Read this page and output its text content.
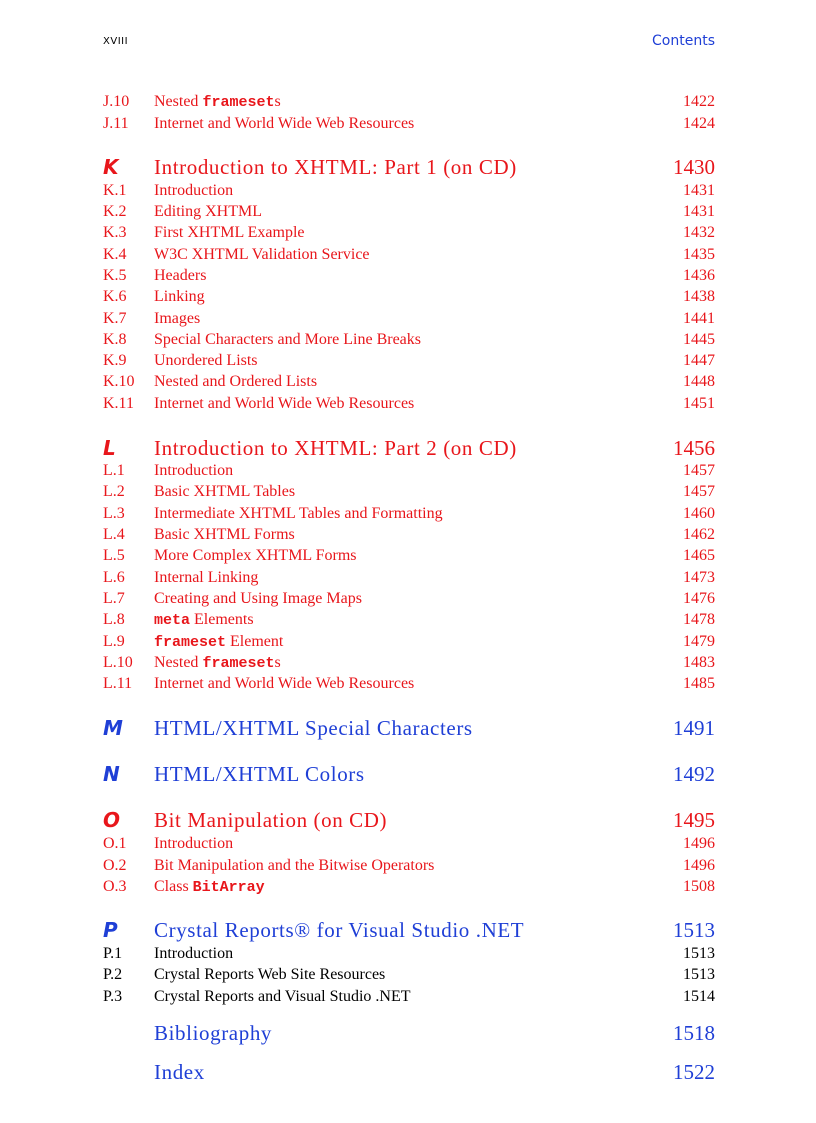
XVIII	Contents
J.10 Nested framesets	1422
J.11 Internet and World Wide Web Resources	1424
K Introduction to XHTML: Part 1 (on CD)	1430
K.1 Introduction	1431
K.2 Editing XHTML	1431
K.3 First XHTML Example	1432
K.4 W3C XHTML Validation Service	1435
K.5 Headers	1436
K.6 Linking	1438
K.7 Images	1441
K.8 Special Characters and More Line Breaks	1445
K.9 Unordered Lists	1447
K.10 Nested and Ordered Lists	1448
K.11 Internet and World Wide Web Resources	1451
L Introduction to XHTML: Part 2 (on CD)	1456
L.1 Introduction	1457
L.2 Basic XHTML Tables	1457
L.3 Intermediate XHTML Tables and Formatting	1460
L.4 Basic XHTML Forms	1462
L.5 More Complex XHTML Forms	1465
L.6 Internal Linking	1473
L.7 Creating and Using Image Maps	1476
L.8 meta Elements	1478
L.9 frameset Element	1479
L.10 Nested framesets	1483
L.11 Internet and World Wide Web Resources	1485
M HTML/XHTML Special Characters	1491
N HTML/XHTML Colors	1492
O Bit Manipulation (on CD)	1495
O.1 Introduction	1496
O.2 Bit Manipulation and the Bitwise Operators	1496
O.3 Class BitArray	1508
P Crystal Reports® for Visual Studio .NET	1513
P.1 Introduction	1513
P.2 Crystal Reports Web Site Resources	1513
P.3 Crystal Reports and Visual Studio .NET	1514
Bibliography	1518
Index	1522
